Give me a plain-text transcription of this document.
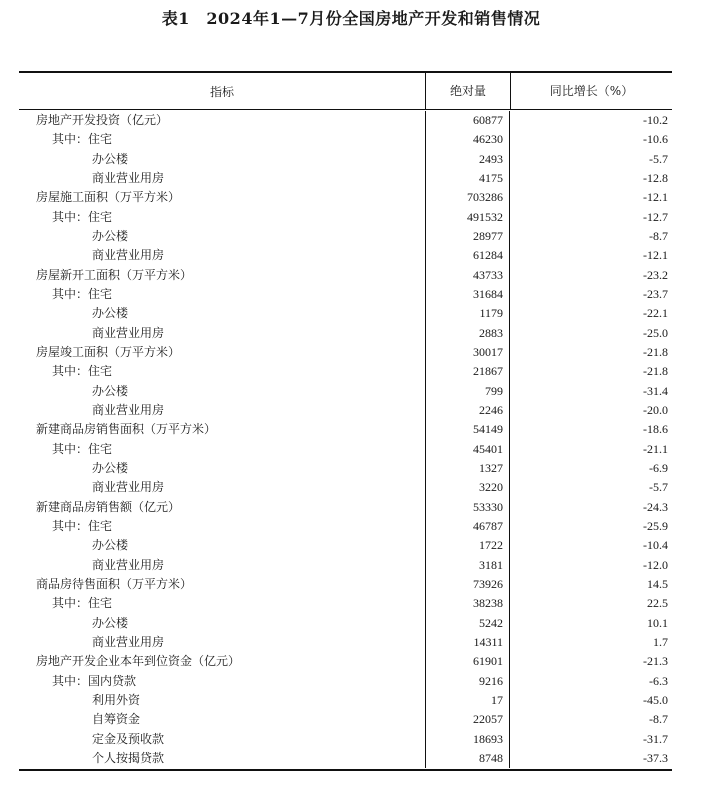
表1　2024年1—7月份全国房地产开发和销售情况
指标	绝对量	同比增长（%）
房地产开发投资（亿元）	60877	-10.2
其中：住宅	46230	-10.6
办公楼	2493	-5.7
商业营业用房	4175	-12.8
房屋施工面积（万平方米）	703286	-12.1
其中：住宅	491532	-12.7
办公楼	28977	-8.7
商业营业用房	61284	-12.1
房屋新开工面积（万平方米）	43733	-23.2
其中：住宅	31684	-23.7
办公楼	1179	-22.1
商业营业用房	2883	-25.0
房屋竣工面积（万平方米）	30017	-21.8
其中：住宅	21867	-21.8
办公楼	799	-31.4
商业营业用房	2246	-20.0
新建商品房销售面积（万平方米）	54149	-18.6
其中：住宅	45401	-21.1
办公楼	1327	-6.9
商业营业用房	3220	-5.7
新建商品房销售额（亿元）	53330	-24.3
其中：住宅	46787	-25.9
办公楼	1722	-10.4
商业营业用房	3181	-12.0
商品房待售面积（万平方米）	73926	14.5
其中：住宅	38238	22.5
办公楼	5242	10.1
商业营业用房	14311	1.7
房地产开发企业本年到位资金（亿元）	61901	-21.3
其中：国内贷款	9216	-6.3
利用外资	17	-45.0
自筹资金	22057	-8.7
定金及预收款	18693	-31.7
个人按揭贷款	8748	-37.3
